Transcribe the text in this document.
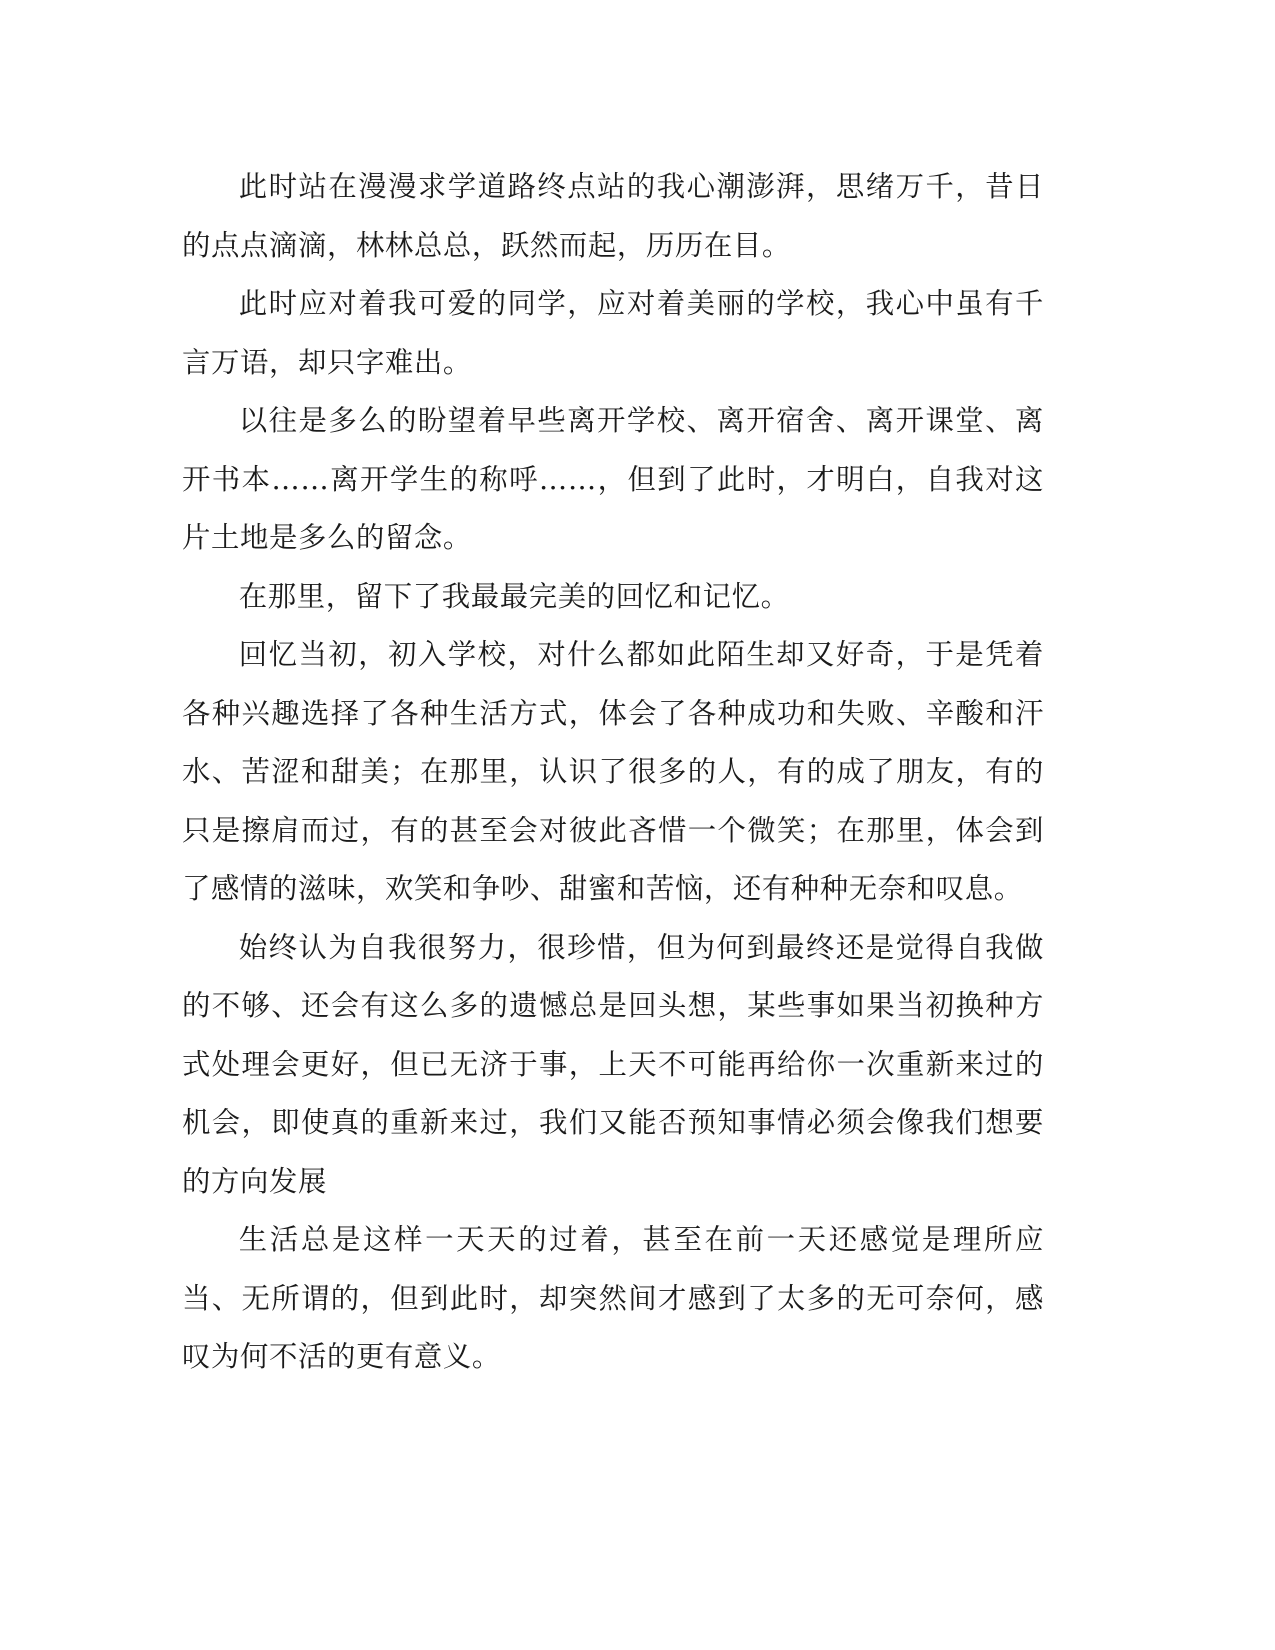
此时站在漫漫求学道路终点站的我心潮澎湃，思绪万千，昔日的点点滴滴，林林总总，跃然而起，历历在目。

此时应对着我可爱的同学，应对着美丽的学校，我心中虽有千言万语，却只字难出。

以往是多么的盼望着早些离开学校、离开宿舍、离开课堂、离开书本……离开学生的称呼……，但到了此时，才明白，自我对这片土地是多么的留念。

在那里，留下了我最最完美的回忆和记忆。

回忆当初，初入学校，对什么都如此陌生却又好奇，于是凭着各种兴趣选择了各种生活方式，体会了各种成功和失败、辛酸和汗水、苦涩和甜美；在那里，认识了很多的人，有的成了朋友，有的只是擦肩而过，有的甚至会对彼此吝惜一个微笑；在那里，体会到了感情的滋味，欢笑和争吵、甜蜜和苦恼，还有种种无奈和叹息。

始终认为自我很努力，很珍惜，但为何到最终还是觉得自我做的不够、还会有这么多的遗憾总是回头想，某些事如果当初换种方式处理会更好，但已无济于事，上天不可能再给你一次重新来过的机会，即使真的重新来过，我们又能否预知事情必须会像我们想要的方向发展

生活总是这样一天天的过着，甚至在前一天还感觉是理所应当、无所谓的，但到此时，却突然间才感到了太多的无可奈何，感叹为何不活的更有意义。
